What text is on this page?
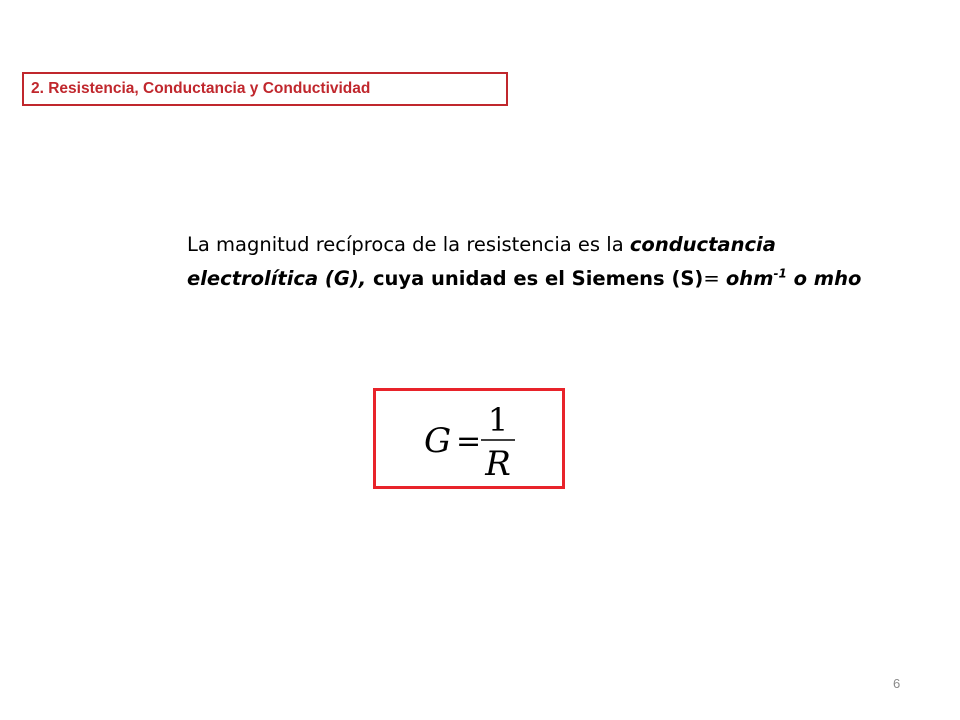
2. Resistencia, Conductancia y Conductividad
La magnitud recíproca de la resistencia es la conductancia
electrolítica (G), cuya unidad es el Siemens (S)= ohm$^{-1}$ o mho
G =
1
R
6
